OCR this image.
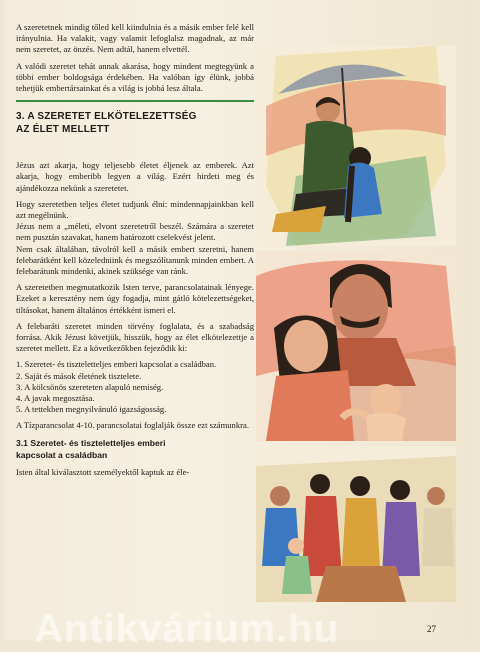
A szeretetnek mindig tőled kell kiindulnia és a másik ember felé kell irányulnia. Ha valakit, vagy valamit lefoglalsz magadnak, az már nem szeretet, az önzés. Nem adtál, hanem elvettél.

A valódi szeretet tehát annak akarása, hogy mindent megtegyünk a többi ember boldogsága érdekében. Ha valóban így élünk, jobbá tehetjük embertársainkat és a világ is jobbá lesz általa.

3. A SZERETET ELKÖTELEZETTSÉG
AZ ÉLET MELLETT

Jézus azt akarja, hogy teljesebb életet éljenek az emberek. Azt akarja, hogy emberibb legyen a világ. Ezért hirdeti meg és ajándékozza nekünk a szeretetet.

Hogy szeretetben teljes életet tudjunk élni: mindennapjainkban kell azt megélnünk.

Jézus nem a „méleti, elvont szeretetről beszél. Számára a szeretet nem pusztán szavakat, hanem határozott cselekvést jelent.

Nem csak általában, távolról kell a másik embert szeretni, hanem felebarátként kell közeledniink és megszólítanunk minden embert. A felebarátunk mindenki, akinek szüksége van ránk.

A szeretetben megmutatkozik Isten terve, parancsolatainak lényege. Ezeket a keresztény nem úgy fogadja, mint gátló kötelezettségeket, tiltásokat, hanem általános értékként ismeri el.

A felebaráti szeretet minden törvény foglalata, és a szabadság forrása. Akik Jézust követjük, hisszük, hogy az élet elkötelezettje a szeretet mellett. Ez a következőkben fejeződik ki:

1. Szeretet- és tiszteletteljes emberi kapcsolat a családban.
2. Saját és mások életének tisztelete.
3. A kölcsönös szereteten alapuló nemiség.
4. A javak megosztása.
5. A tettekben megnyilvánuló igazságosság.

A Tízparancsolat 4-10. parancsolatai foglalják össze ezt számunkra.

3.1 Szeretet- és tiszteletteljes emberi
kapcsolat a családban

Isten által kiválasztott személyektől kaptuk az éle-

27
Antikvárium.hu
